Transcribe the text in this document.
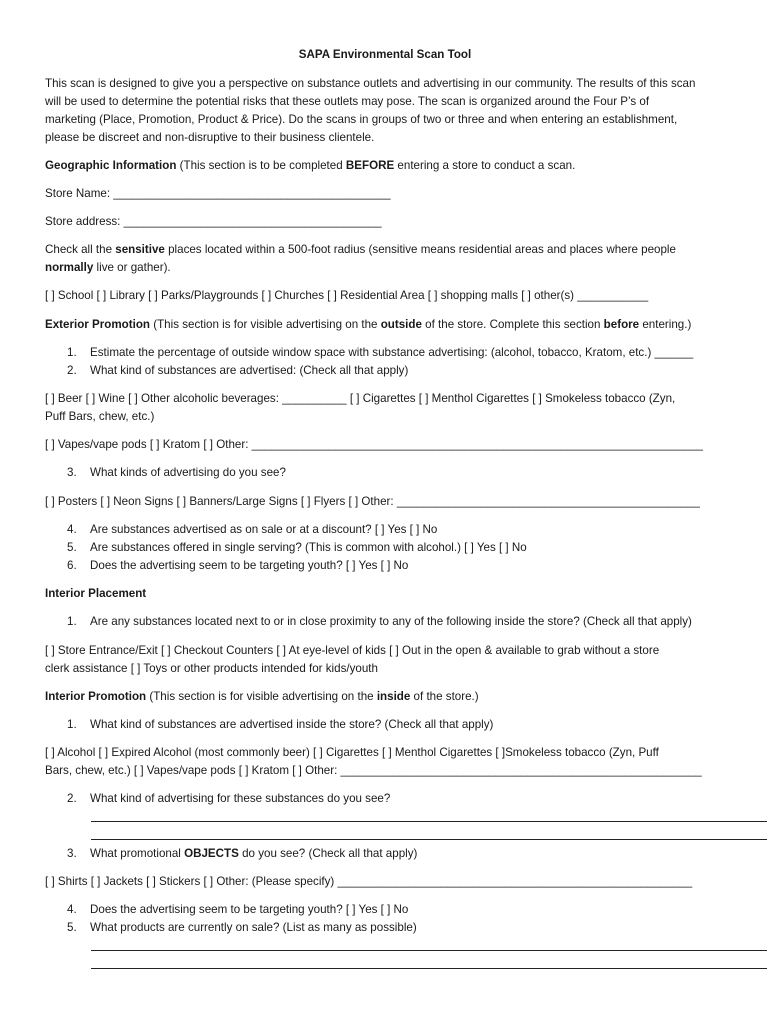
SAPA Environmental Scan Tool
This scan is designed to give you a perspective on substance outlets and advertising in our community. The results of this scan
will be used to determine the potential risks that these outlets may pose. The scan is organized around the Four P’s of
marketing (Place, Promotion, Product & Price). Do the scans in groups of two or three and when entering an establishment,
please be discreet and non-disruptive to their business clientele.
Geographic Information (This section is to be completed BEFORE entering a store to conduct a scan.
Store Name: ___________________________________________
Store address: ________________________________________
Check all the sensitive places located within a 500-foot radius (sensitive means residential areas and places where people
normally live or gather).
[ ] School [ ] Library [ ] Parks/Playgrounds [ ] Churches [ ] Residential Area [ ] shopping malls [ ] other(s) ___________
Exterior Promotion (This section is for visible advertising on the outside of the store. Complete this section before entering.)
1. Estimate the percentage of outside window space with substance advertising: (alcohol, tobacco, Kratom, etc.) ______
2. What kind of substances are advertised: (Check all that apply)
[ ] Beer [ ] Wine [ ] Other alcoholic beverages: __________ [ ] Cigarettes [ ] Menthol Cigarettes [ ] Smokeless tobacco (Zyn,
Puff Bars, chew, etc.)
[ ] Vapes/vape pods [ ] Kratom [ ] Other: ______________________________________________________________________
3. What kinds of advertising do you see?
[ ] Posters [ ] Neon Signs [ ] Banners/Large Signs [ ] Flyers [ ] Other: _______________________________________________
4. Are substances advertised as on sale or at a discount? [ ] Yes [ ] No
5. Are substances offered in single serving? (This is common with alcohol.) [ ] Yes [ ] No
6. Does the advertising seem to be targeting youth? [ ] Yes [ ] No
Interior Placement
1. Are any substances located next to or in close proximity to any of the following inside the store? (Check all that apply)
[ ] Store Entrance/Exit [ ] Checkout Counters [ ] At eye-level of kids [ ] Out in the open & available to grab without a store
clerk assistance [ ] Toys or other products intended for kids/youth
Interior Promotion (This section is for visible advertising on the inside of the store.)
1. What kind of substances are advertised inside the store? (Check all that apply)
[ ] Alcohol [ ] Expired Alcohol (most commonly beer) [ ] Cigarettes [ ] Menthol Cigarettes [ ]Smokeless tobacco (Zyn, Puff
Bars, chew, etc.) [ ] Vapes/vape pods [ ] Kratom [ ] Other: ________________________________________________________
2. What kind of advertising for these substances do you see?
3. What promotional OBJECTS do you see? (Check all that apply)
[ ] Shirts [ ] Jackets [ ] Stickers [ ] Other: (Please specify) _______________________________________________________
4. Does the advertising seem to be targeting youth? [ ] Yes [ ] No
5. What products are currently on sale? (List as many as possible)
